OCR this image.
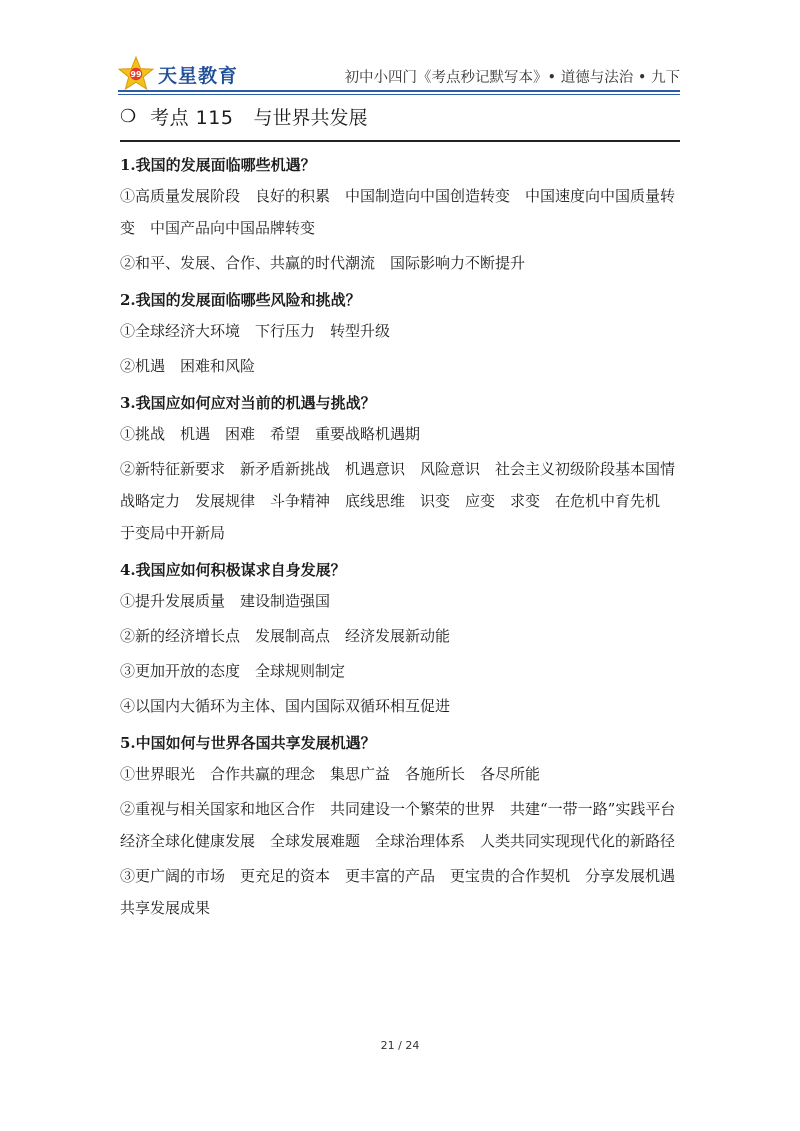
99 天星教育	初中小四门《考点秒记默写本》• 道德与法治 • 九下
❍ 考点 115 与世界共发展

1.我国的发展面临哪些机遇？

①高质量发展阶段　良好的积累　中国制造向中国创造转变　中国速度向中国质量转变　中国产品向中国品牌转变

②和平、发展、合作、共赢的时代潮流　国际影响力不断提升

2.我国的发展面临哪些风险和挑战？

①全球经济大环境　下行压力　转型升级

②机遇　困难和风险

3.我国应如何应对当前的机遇与挑战？

①挑战　机遇　困难　希望　重要战略机遇期

②新特征新要求　新矛盾新挑战　机遇意识　风险意识　社会主义初级阶段基本国情　战略定力　发展规律　斗争精神　底线思维　识变　应变　求变　在危机中育先机　于变局中开新局

4.我国应如何积极谋求自身发展？

①提升发展质量　建设制造强国

②新的经济增长点　发展制高点　经济发展新动能

③更加开放的态度　全球规则制定

④以国内大循环为主体、国内国际双循环相互促进

5.中国如何与世界各国共享发展机遇？

①世界眼光　合作共赢的理念　集思广益　各施所长　各尽所能

②重视与相关国家和地区合作　共同建设一个繁荣的世界　共建“一带一路”实践平台　经济全球化健康发展　全球发展难题　全球治理体系　人类共同实现现代化的新路径

③更广阔的市场　更充足的资本　更丰富的产品　更宝贵的合作契机　分享发展机遇　共享发展成果

21 / 24
